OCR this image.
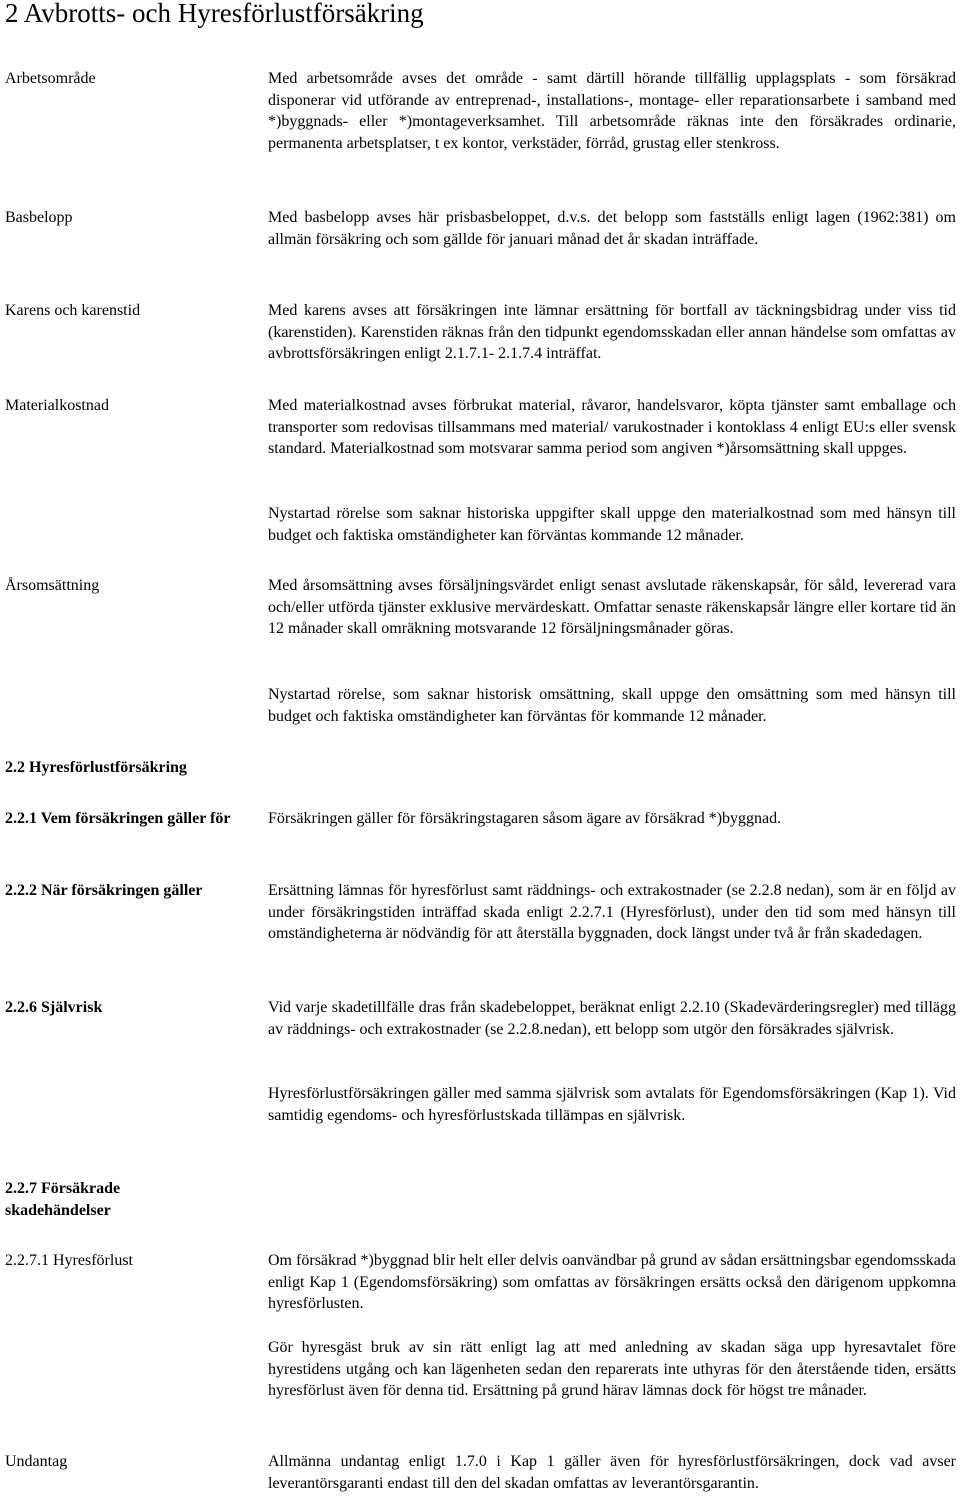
2 Avbrotts- och Hyresförlustförsäkring

Arbetsområde	Med arbetsområde avses det område - samt därtill hörande tillfällig upplagsplats - som försäkrad disponerar vid utförande av entreprenad-, installations-, montage- eller reparationsarbete i samband med *)byggnads- eller *)montageverksamhet. Till arbetsområde räknas inte den försäkrades ordinarie, permanenta arbetsplatser, t ex kontor, verkstäder, förråd, grustag eller stenkross.

Basbelopp	Med basbelopp avses här prisbasbeloppet, d.v.s. det belopp som fastställs enligt lagen (1962:381) om allmän försäkring och som gällde för januari månad det år skadan inträffade.

Karens och karenstid	Med karens avses att försäkringen inte lämnar ersättning för bortfall av täckningsbidrag under viss tid (karenstiden). Karenstiden räknas från den tidpunkt egendomsskadan eller annan händelse som omfattas av avbrottsförsäkringen enligt 2.1.7.1- 2.1.7.4 inträffat.

Materialkostnad	Med materialkostnad avses förbrukat material, råvaror, handelsvaror, köpta tjänster samt emballage och transporter som redovisas tillsammans med material/ varukostnader i kontoklass 4 enligt EU:s eller svensk standard. Materialkostnad som motsvarar samma period som angiven *)årsomsättning skall uppges.

Nystartad rörelse som saknar historiska uppgifter skall uppge den materialkostnad som med hänsyn till budget och faktiska omständigheter kan förväntas kommande 12 månader.

Årsomsättning	Med årsomsättning avses försäljningsvärdet enligt senast avslutade räkenskapsår, för såld, levererad vara och/eller utförda tjänster exklusive mervärdeskatt. Omfattar senaste räkenskapsår längre eller kortare tid än 12 månader skall omräkning motsvarande 12 försäljningsmånader göras.

Nystartad rörelse, som saknar historisk omsättning, skall uppge den omsättning som med hänsyn till budget och faktiska omständigheter kan förväntas för kommande 12 månader.

2.2 Hyresförlustförsäkring

2.2.1 Vem försäkringen gäller för	Försäkringen gäller för försäkringstagaren såsom ägare av försäkrad *)byggnad.

2.2.2 När försäkringen gäller	Ersättning lämnas för hyresförlust samt räddnings- och extrakostnader (se 2.2.8 nedan), som är en följd av under försäkringstiden inträffad skada enligt 2.2.7.1 (Hyresförlust), under den tid som med hänsyn till omständigheterna är nödvändig för att återställa byggnaden, dock längst under två år från skadedagen.

2.2.6 Självrisk	Vid varje skadetillfälle dras från skadebeloppet, beräknat enligt 2.2.10 (Skadevärderingsregler) med tillägg av räddnings- och extrakostnader (se 2.2.8.nedan), ett belopp som utgör den försäkrades självrisk.

Hyresförlustförsäkringen gäller med samma självrisk som avtalats för Egendomsförsäkringen (Kap 1). Vid samtidig egendoms- och hyresförlustskada tillämpas en självrisk.

2.2.7 Försäkrade skadehändelser

2.2.7.1 Hyresförlust	Om försäkrad *)byggnad blir helt eller delvis oanvändbar på grund av sådan ersättningsbar egendomsskada enligt Kap 1 (Egendomsförsäkring) som omfattas av försäkringen ersätts också den därigenom uppkomna hyresförlusten.

Gör hyresgäst bruk av sin rätt enligt lag att med anledning av skadan säga upp hyresavtalet före hyrestidens utgång och kan lägenheten sedan den reparerats inte uthyras för den återstående tiden, ersätts hyresförlust även för denna tid. Ersättning på grund härav lämnas dock för högst tre månader.

Undantag	Allmänna undantag enligt 1.7.0 i Kap 1 gäller även för hyresförlustförsäkringen, dock vad avser leverantörsgaranti endast till den del skadan omfattas av leverantörsgarantin.
